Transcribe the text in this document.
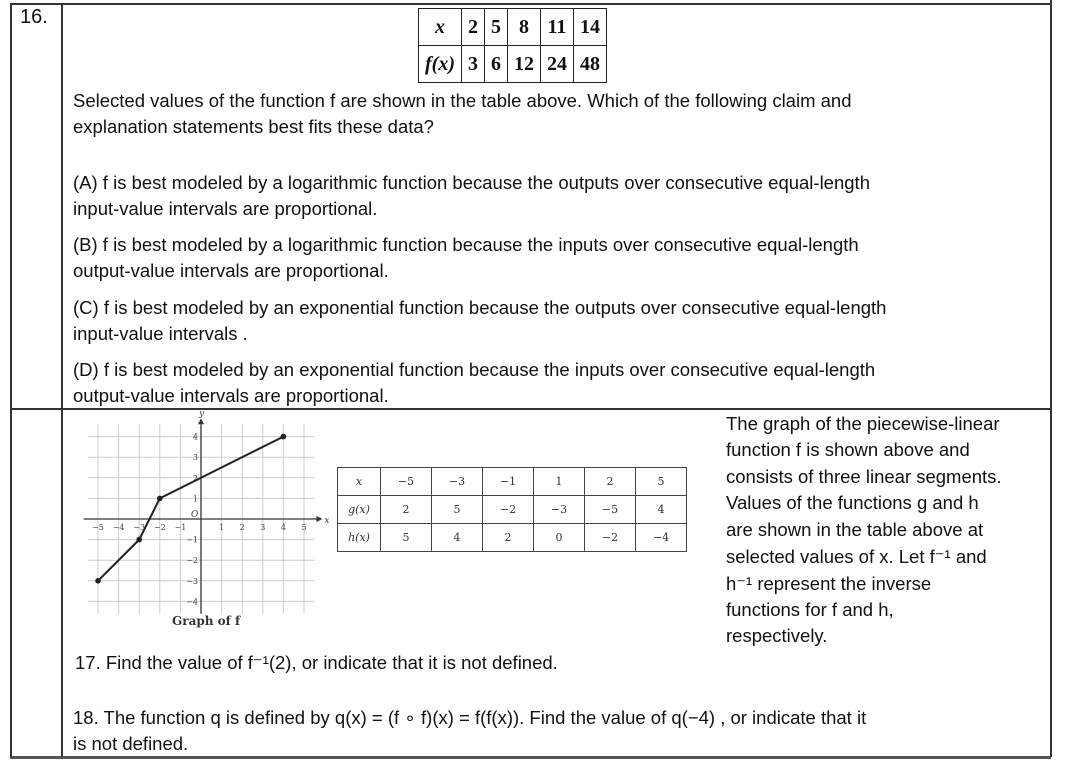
16.	x	2	5	8	11	14
f(x)	3	6	12	24	48
Selected values of the function f are shown in the table above. Which of the following claim and
explanation statements best fits these data?
(A) f is best modeled by a logarithmic function because the outputs over consecutive equal-length
input-value intervals are proportional.
(B) f is best modeled by a logarithmic function because the inputs over consecutive equal-length
output-value intervals are proportional.
(C) f is best modeled by an exponential function because the outputs over consecutive equal-length
input-value intervals .
(D) f is best modeled by an exponential function because the inputs over consecutive equal-length
output-value intervals are proportional.
x
y
O
−5 −4 −3 −2 −1	1 2 3 4 5
4
3
2
1
−1
−2
−3
−4
Graph of f
x	−5	−3	−1	1	2	5
g(x)	2	5	−2	−3	−5	4
h(x)	5	4	2	0	−2	−4
The graph of the piecewise-linear
function f is shown above and
consists of three linear segments.
Values of the functions g and h
are shown in the table above at
selected values of x. Let f⁻¹ and
h⁻¹ represent the inverse
functions for f and h,
respectively.
17. Find the value of f⁻¹(2), or indicate that it is not defined.
18. The function q is defined by q(x) = (f ∘ f)(x) = f(f(x)). Find the value of q(−4) , or indicate that it
is not defined.
